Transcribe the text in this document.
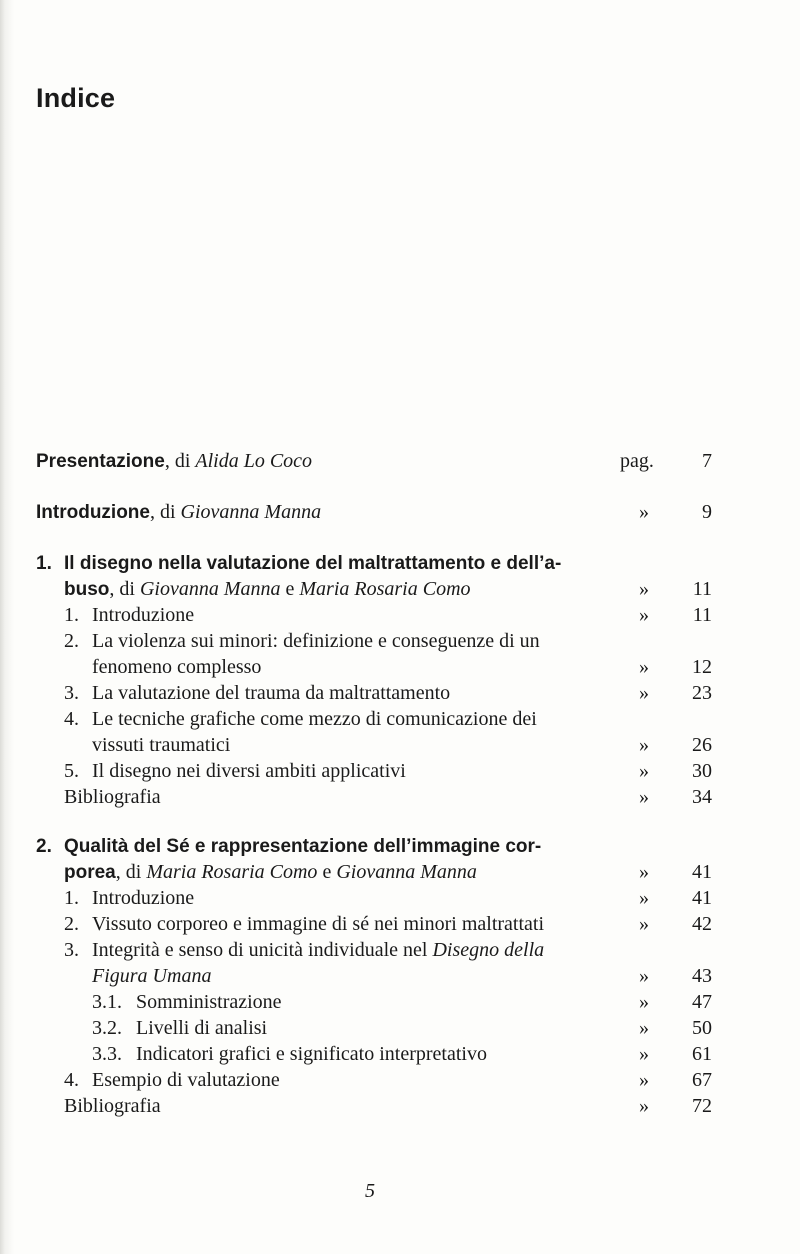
Indice
Presentazione, di Alida Lo Coco	pag.	7
Introduzione, di Giovanna Manna	»	9
1. Il disegno nella valutazione del maltrattamento e dell’a-
buso, di Giovanna Manna e Maria Rosaria Como	»	11
1. Introduzione	»	11
2. La violenza sui minori: definizione e conseguenze di un
fenomeno complesso	»	12
3. La valutazione del trauma da maltrattamento	»	23
4. Le tecniche grafiche come mezzo di comunicazione dei
vissuti traumatici	»	26
5. Il disegno nei diversi ambiti applicativi	»	30
Bibliografia	»	34
2. Qualità del Sé e rappresentazione dell’immagine cor-
porea, di Maria Rosaria Como e Giovanna Manna	»	41
1. Introduzione	»	41
2. Vissuto corporeo e immagine di sé nei minori maltrattati	»	42
3. Integrità e senso di unicità individuale nel Disegno della
Figura Umana	»	43
3.1. Somministrazione	»	47
3.2. Livelli di analisi	»	50
3.3. Indicatori grafici e significato interpretativo	»	61
4. Esempio di valutazione	»	67
Bibliografia	»	72
5
